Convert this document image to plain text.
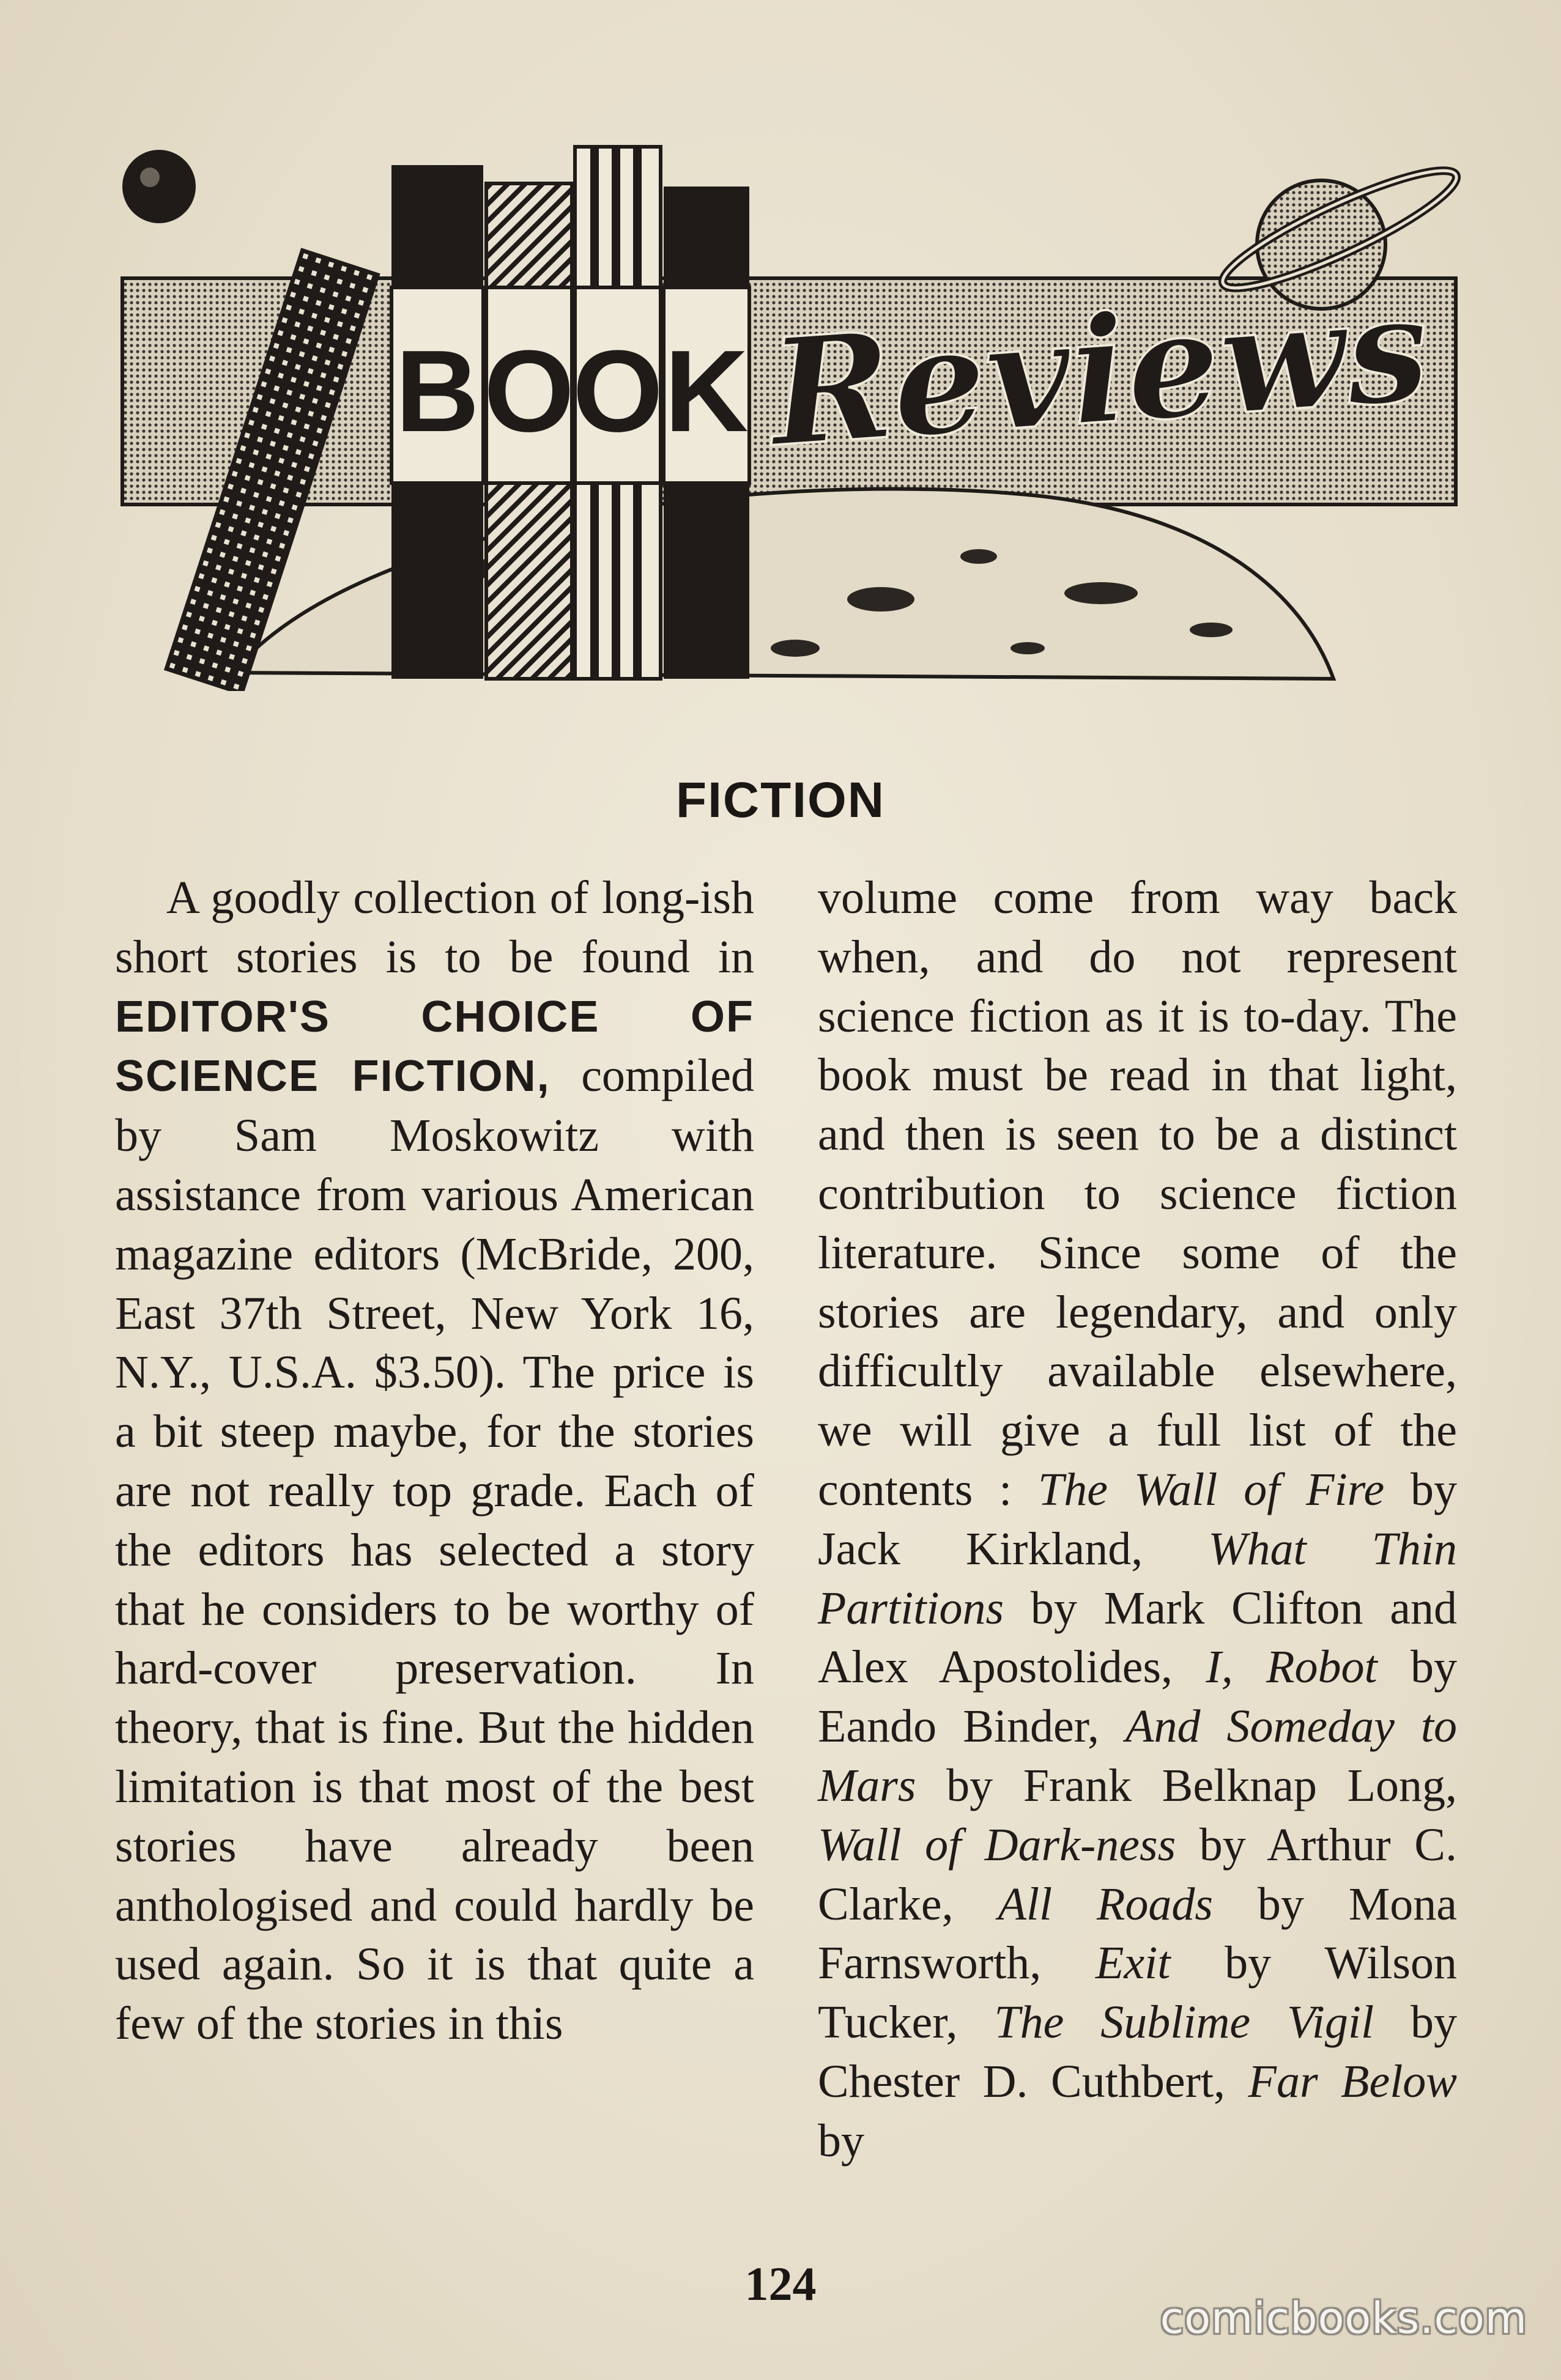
B O
O K Reviews
FICTION

A goodly collection of long-ish short stories is to be found in EDITOR'S CHOICE OF SCIENCE FICTION, compiled by Sam Moskowitz with assistance from various American magazine editors (McBride, 200, East 37th Street, New York 16, N.Y., U.S.A. $3.50). The price is a bit steep maybe, for the stories are not really top grade. Each of the editors has selected a story that he considers to be worthy of hard-cover preservation. In theory, that is fine. But the hidden limitation is that most of the best stories have already been anthologised and could hardly be used again. So it is that quite a few of the stories in this

volume come from way back when, and do not represent science fiction as it is to-day. The book must be read in that light, and then is seen to be a distinct contribution to science fiction literature. Since some of the stories are legendary, and only difficultly available elsewhere, we will give a full list of the contents : The Wall of Fire by Jack Kirkland, What Thin Partitions by Mark Clifton and Alex Apostolides, I, Robot by Eando Binder, And Someday to Mars by Frank Belknap Long, Wall of Dark-ness by Arthur C. Clarke, All Roads by Mona Farnsworth, Exit by Wilson Tucker, The Sublime Vigil by Chester D. Cuthbert, Far Below by

124
comicbooks.com
